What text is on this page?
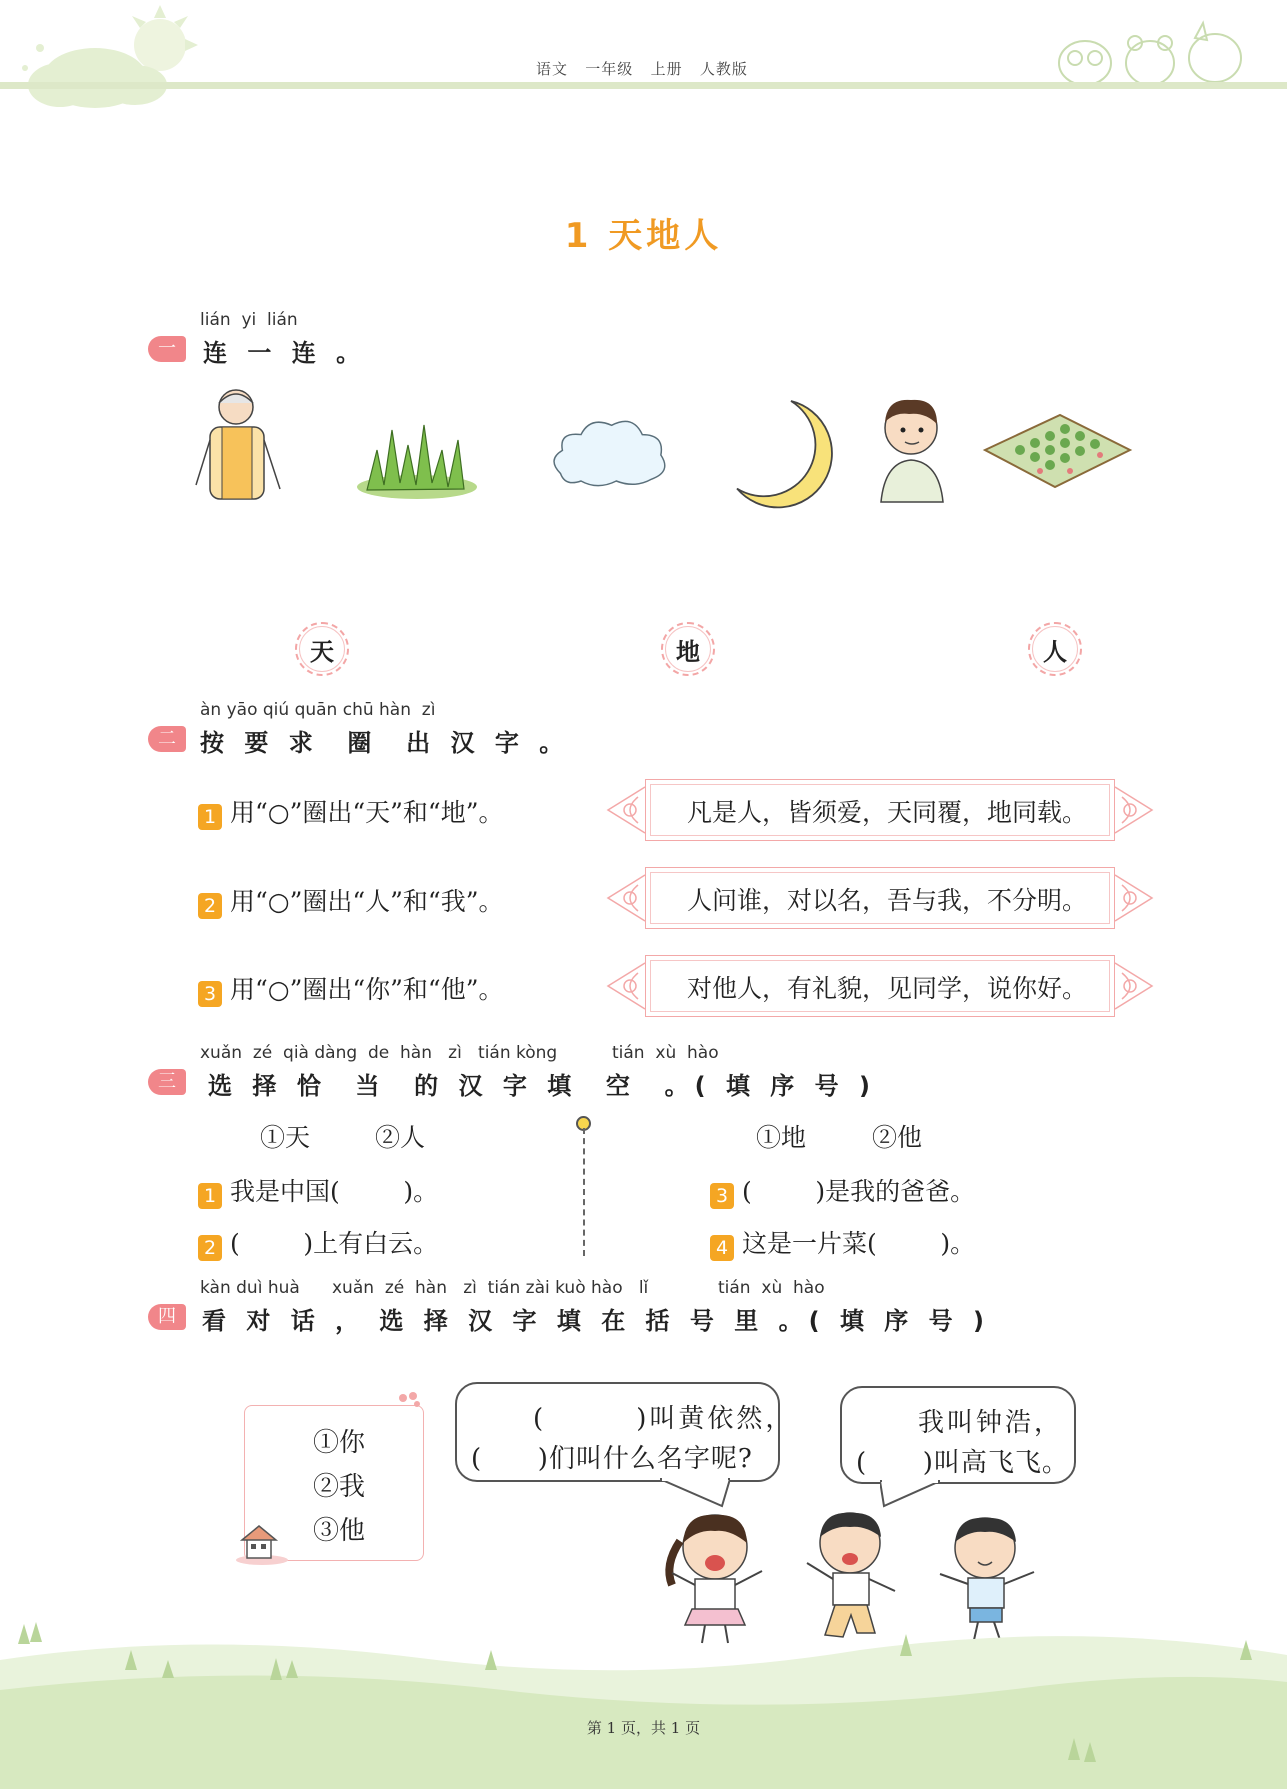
语文   一年级   上册   人教版
1 天地人
lián  yi  lián
一	连 一 连 。
天	地	人
àn yāo qiú quān chū hàn  zì
二	按 要 求  圈  出 汉 字 。
1 用“○”圈出“天”和“地”。	凡是人，皆须爱，天同覆，地同载。
2 用“○”圈出“人”和“我”。	人问谁，对以名，吾与我，不分明。
3 用“○”圈出“你”和“他”。	对他人，有礼貌，见同学，说你好。
xuǎn  zé  qià dàng  de  hàn   zì   tián kòng	tián  xù  hào
三	选 择 恰  当  的 汉 字 填  空  。( 填 序 号 )
①天	②人	①地	②他
1 我是中国(        )。
2 (        )上有白云。
3 (        )是我的爸爸。
4 这是一片菜(        )。
kàn duì huà xuǎn  zé  hàn   zì  tián zài kuò hào   lǐ	tián  xù  hào
四	看 对 话 ， 选 择 汉 字 填 在 括 号 里 。( 填 序 号 )
①你
②我
③他
(        )叫黄依然，
(      )们叫什么名字呢?
我叫钟浩，
(      )叫高飞飞。
第 1 页，共 1 页
